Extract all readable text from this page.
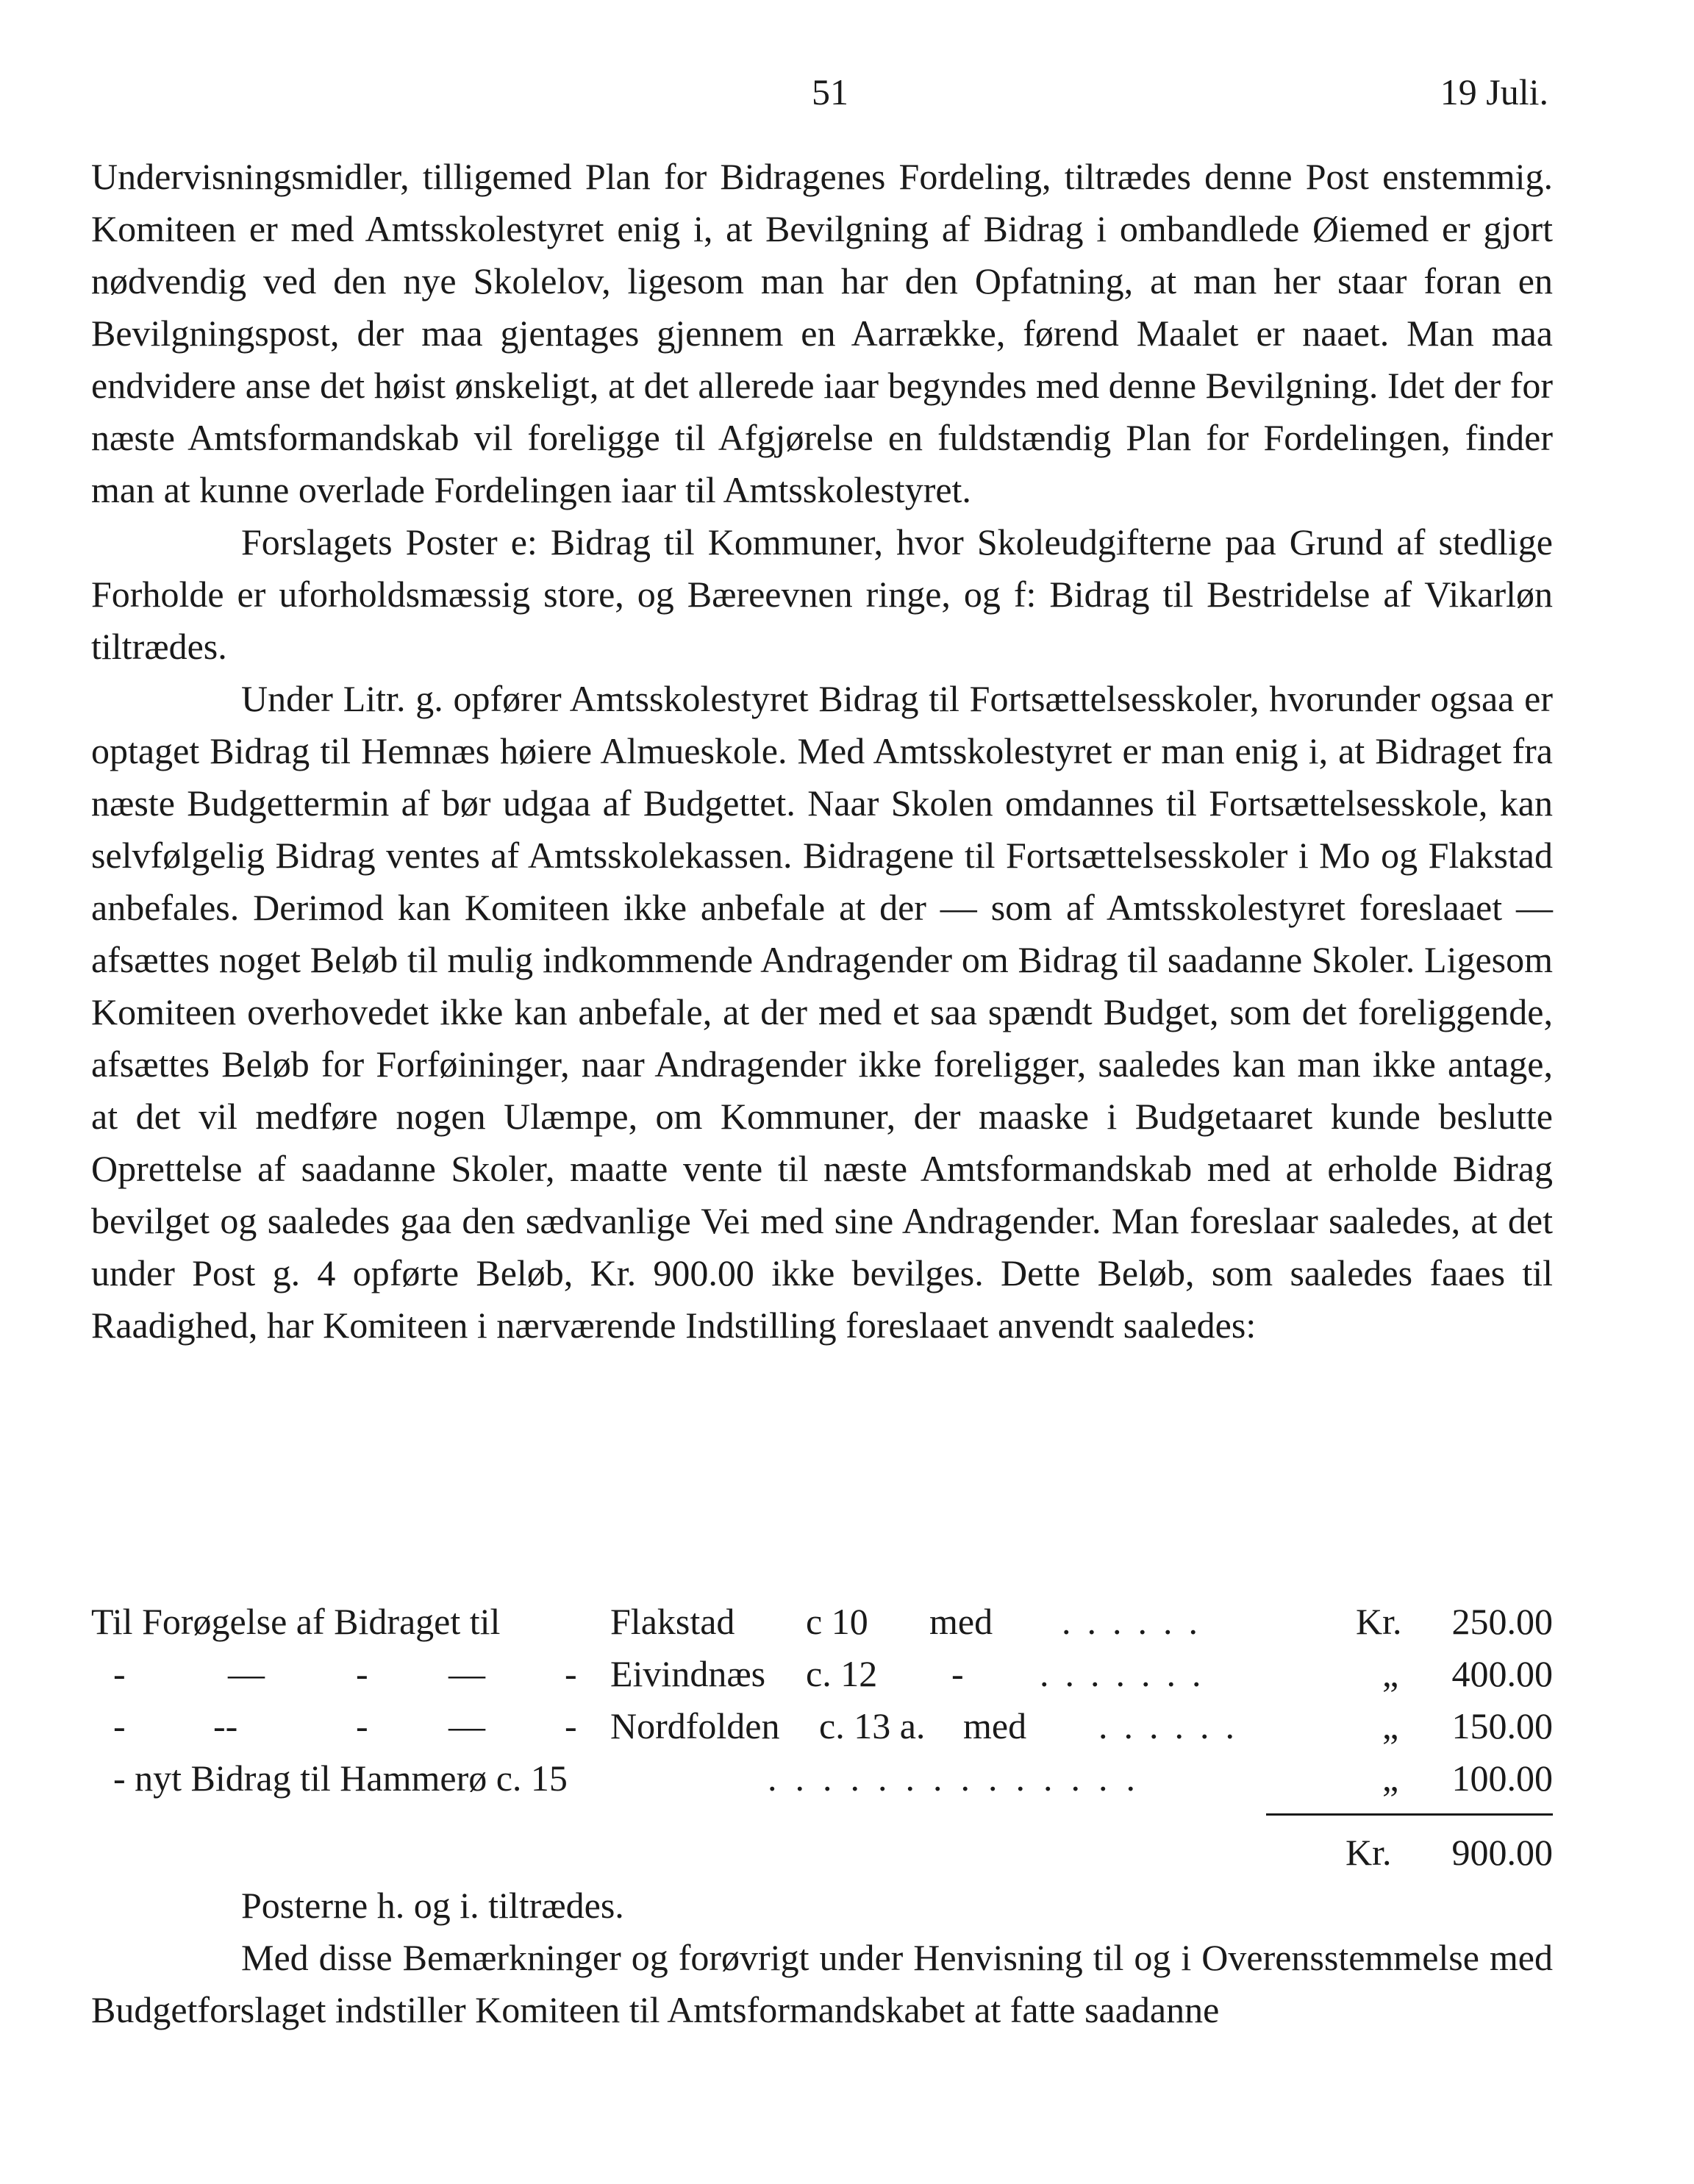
51	19 Juli.

Undervisningsmidler, tilligemed Plan for Bidragenes Fordeling, tiltrædes denne Post enstemmig. Komiteen er med Amtsskolestyret enig i, at Bevilgning af Bidrag i ombandlede Øiemed er gjort nødvendig ved den nye Skolelov, ligesom man har den Opfatning, at man her staar foran en Bevilgningspost, der maa gjentages gjennem en Aarrække, førend Maalet er naaet. Man maa endvidere anse det høist ønskeligt, at det allerede iaar begyndes med denne Bevilgning. Idet der for næste Amtsformandskab vil foreligge til Afgjørelse en fuldstændig Plan for Fordelingen, finder man at kunne overlade Fordelingen iaar til Amtsskolestyret.

Forslagets Poster e: Bidrag til Kommuner, hvor Skoleudgifterne paa Grund af stedlige Forholde er uforholdsmæssig store, og Bæreevnen ringe, og f: Bidrag til Bestridelse af Vikarløn tiltrædes.

Under Litr. g. opfører Amtsskolestyret Bidrag til Fortsættelsesskoler, hvorunder ogsaa er optaget Bidrag til Hemnæs høiere Almueskole. Med Amtsskolestyret er man enig i, at Bidraget fra næste Budgettermin af bør udgaa af Budgettet. Naar Skolen omdannes til Fortsættelsesskole, kan selvfølgelig Bidrag ventes af Amtsskolekassen. Bidragene til Fortsættelsesskoler i Mo og Flakstad anbefales. Derimod kan Komiteen ikke anbefale at der — som af Amtsskolestyret foreslaaet — afsættes noget Beløb til mulig indkommende Andragender om Bidrag til saadanne Skoler. Ligesom Komiteen overhovedet ikke kan anbefale, at der med et saa spændt Budget, som det foreliggende, afsættes Beløb for Forføininger, naar Andragender ikke foreligger, saaledes kan man ikke antage, at det vil medføre nogen Ulæmpe, om Kommuner, der maaske i Budgetaaret kunde beslutte Oprettelse af saadanne Skoler, maatte vente til næste Amtsformandskab med at erholde Bidrag bevilget og saaledes gaa den sædvanlige Vei med sine Andragender. Man foreslaar saaledes, at det under Post g. 4 opførte Beløb, Kr. 900.00 ikke bevilges. Dette Beløb, som saaledes faaes til Raadighed, har Komiteen i nærværende Indstilling foreslaaet anvendt saaledes:

Til Forøgelse af Bidraget til	Flakstad c 10 med ......	Kr. 250.00
-	— - — - Eivindnæs c. 12 - .......	„ 400.00
- --	- — - Nordfolden c. 13 a. med ......	„ 150.00
- nyt Bidrag til Hammerø c. 15	..............	„ 100.00
Kr. 900.00

Posterne h. og i. tiltrædes.

Med disse Bemærkninger og forøvrigt under Henvisning til og i Overensstemmelse med Budgetforslaget indstiller Komiteen til Amtsformandskabet at fatte saadanne
